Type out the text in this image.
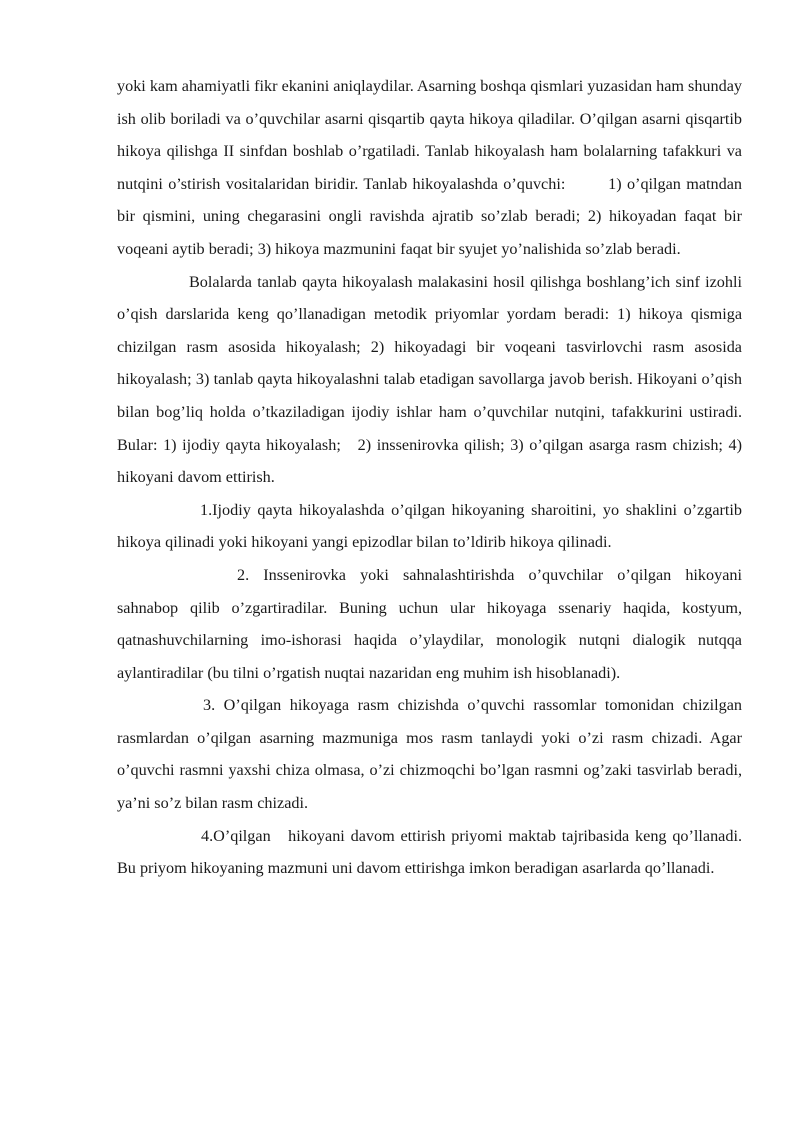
yoki kam ahamiyatli fikr ekanini aniqlaydilar. Asarning boshqa qismlari yuzasidan ham shunday ish olib boriladi va o’quvchilar asarni qisqartib qayta hikoya qiladilar. O’qilgan asarni qisqartib hikoya qilishga II sinfdan boshlab o’rgatiladi. Tanlab hikoyalash ham bolalarning tafakkuri va nutqini o’stirish vositalaridan biridir. Tanlab hikoyalashda o’quvchi:        1) o’qilgan matndan bir qismini, uning chegarasini ongli ravishda ajratib so’zlab beradi; 2) hikoyadan faqat bir voqeani aytib beradi; 3) hikoya mazmunini faqat bir syujet yo’nalishida so’zlab beradi.

Bolalarda tanlab qayta hikoyalash malakasini hosil qilishga boshlang’ich sinf izohli o’qish darslarida keng qo’llanadigan metodik priyomlar yordam beradi: 1) hikoya qismiga chizilgan rasm asosida hikoyalash; 2) hikoyadagi bir voqeani tasvirlovchi rasm asosida hikoyalash; 3) tanlab qayta hikoyalashni talab etadigan savollarga javob berish. Hikoyani o’qish bilan bog’liq holda o’tkaziladigan ijodiy ishlar ham o’quvchilar nutqini, tafakkurini ustiradi. Bular: 1) ijodiy qayta hikoyalash;   2) inssenirovka qilish; 3) o’qilgan asarga rasm chizish; 4) hikoyani davom ettirish.

1.Ijodiy qayta hikoyalashda o’qilgan hikoyaning sharoitini, yo shaklini o’zgartib hikoya qilinadi yoki hikoyani yangi epizodlar bilan to’ldirib hikoya qilinadi.

2. Inssenirovka yoki sahnalashtirishda o’quvchilar o’qilgan hikoyani sahnabop qilib o’zgartiradilar. Buning uchun ular hikoyaga ssenariy haqida, kostyum, qatnashuvchilarning imo-ishorasi haqida o’ylaydilar, monologik nutqni dialogik nutqqa aylantiradilar (bu tilni o’rgatish nuqtai nazaridan eng muhim ish hisoblanadi).

3. O’qilgan hikoyaga rasm chizishda o’quvchi rassomlar tomonidan chizilgan rasmlardan o’qilgan asarning mazmuniga mos rasm tanlaydi yoki o’zi rasm chizadi. Agar o’quvchi rasmni yaxshi chiza olmasa, o’zi chizmoqchi bo’lgan rasmni og’zaki tasvirlab beradi, ya’ni so’z bilan rasm chizadi.

4.O’qilgan   hikoyani davom ettirish priyomi maktab tajribasida keng qo’llanadi. Bu priyom hikoyaning mazmuni uni davom ettirishga imkon beradigan asarlarda qo’llanadi.
